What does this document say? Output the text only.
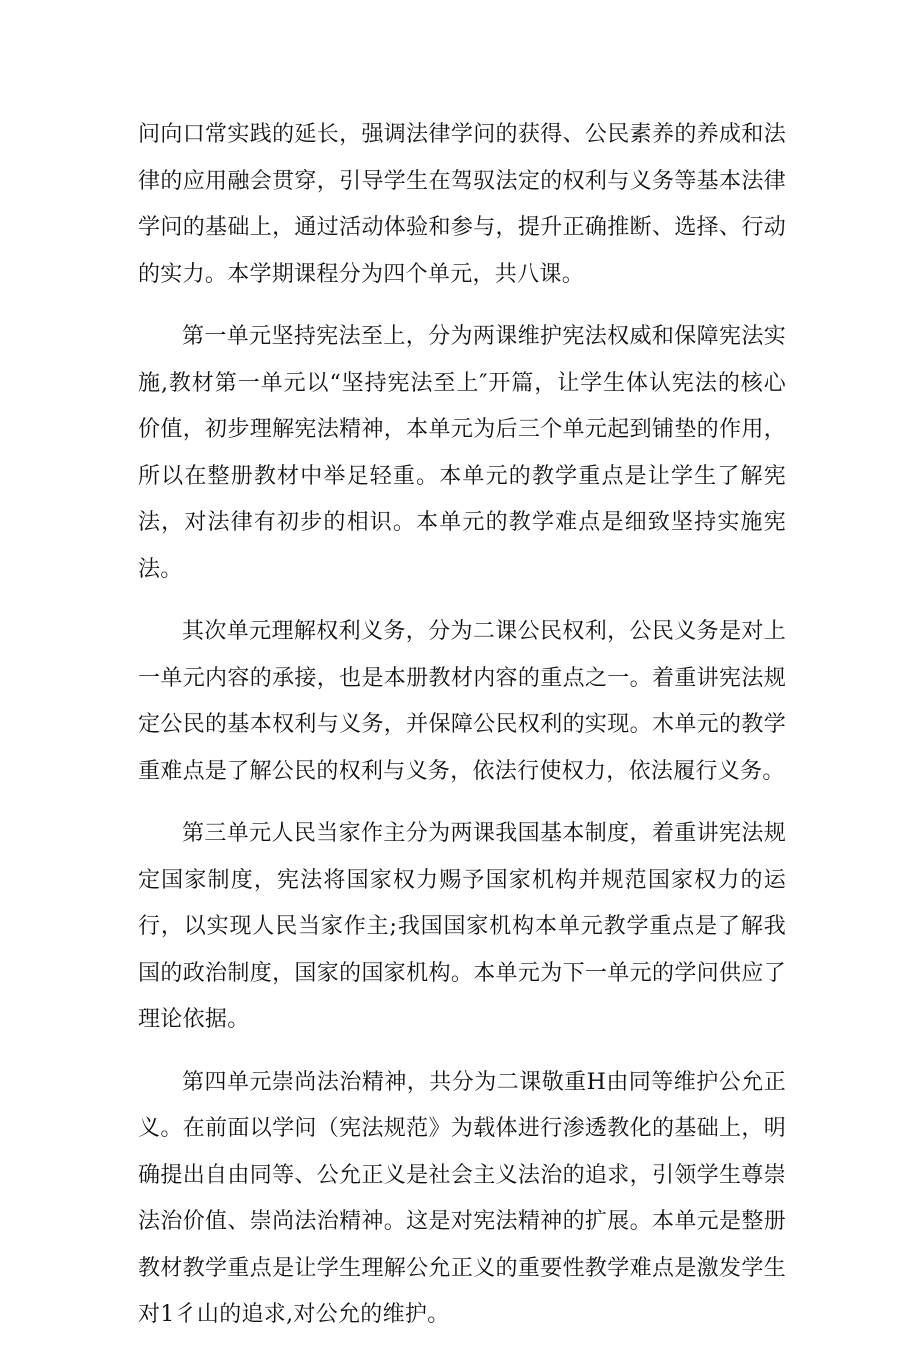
问向口常实践的延长，强调法律学问的获得、公民素养的养成和法律的应用融会贯穿，引导学生在驾驭法定的权利与义务等基本法律学问的基础上，通过活动体验和参与，提升正确推断、选择、行动的实力。本学期课程分为四个单元，共八课。

第一单元坚持宪法至上，分为两课维护宪法权威和保障宪法实施,教材第一单元以“坚持宪法至上″开篇，让学生体认宪法的核心价值，初步理解宪法精神，本单元为后三个单元起到铺垫的作用，所以在整册教材中举足轻重。本单元的教学重点是让学生了解宪法，对法律有初步的相识。本单元的教学难点是细致坚持实施宪法。

其次单元理解权利义务，分为二课公民权利，公民义务是对上一单元内容的承接，也是本册教材内容的重点之一。着重讲宪法规定公民的基本权利与义务，并保障公民权利的实现。木单元的教学重难点是了解公民的权利与义务，依法行使权力，依法履行义务。

第三单元人民当家作主分为两课我国基本制度，着重讲宪法规定国家制度，宪法将国家权力赐予国家机构并规范国家权力的运行，以实现人民当家作主;我国国家机构本单元教学重点是了解我国的政治制度，国家的国家机构。本单元为下一单元的学问供应了理论依据。

第四单元崇尚法治精神，共分为二课敬重H由同等维护公允正义。在前面以学问（宪法规范》为载体进行渗透教化的基础上，明确提出自由同等、公允正义是社会主义法治的追求，引领学生尊崇法治价值、崇尚法治精神。这是对宪法精神的扩展。本单元是整册教材教学重点是让学生理解公允正义的重要性教学难点是激发学生对1彳山的追求,对公允的维护。
